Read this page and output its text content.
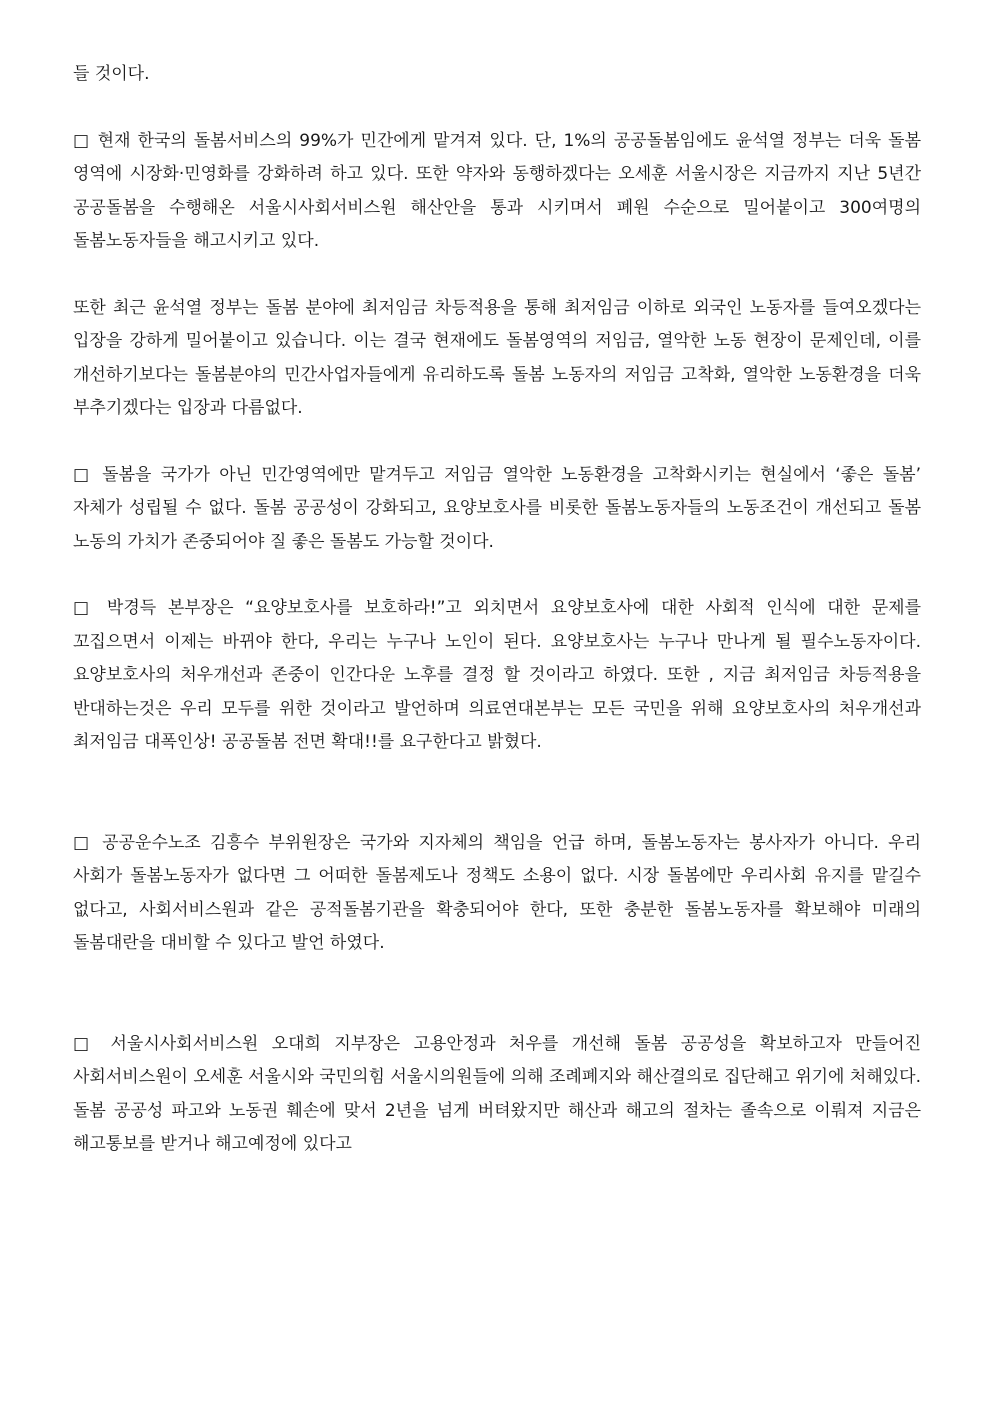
들 것이다.

□ 현재 한국의 돌봄서비스의 99%가 민간에게 맡겨져 있다. 단, 1%의 공공돌봄임에도 윤석열 정부는 더욱 돌봄 영역에 시장화·민영화를 강화하려 하고 있다. 또한 약자와 동행하겠다는 오세훈 서울시장은 지금까지 지난 5년간 공공돌봄을 수행해온 서울시사회서비스원 해산안을 통과 시키며서 폐원 수순으로 밀어붙이고 300여명의 돌봄노동자들을 해고시키고 있다.

또한 최근 윤석열 정부는 돌봄 분야에 최저임금 차등적용을 통해 최저임금 이하로 외국인 노동자를 들여오겠다는 입장을 강하게 밀어붙이고 있습니다. 이는 결국 현재에도 돌봄영역의 저임금, 열악한 노동 현장이 문제인데, 이를 개선하기보다는 돌봄분야의 민간사업자들에게 유리하도록 돌봄 노동자의 저임금 고착화, 열악한 노동환경을 더욱 부추기겠다는 입장과 다름없다.

□ 돌봄을 국가가 아닌 민간영역에만 맡겨두고 저임금 열악한 노동환경을 고착화시키는 현실에서 ‘좋은 돌봄’ 자체가 성립될 수 없다. 돌봄 공공성이 강화되고, 요양보호사를 비롯한 돌봄노동자들의 노동조건이 개선되고 돌봄 노동의 가치가 존중되어야 질 좋은 돌봄도 가능할 것이다.

□ 박경득 본부장은 “요양보호사를 보호하라!”고 외치면서 요양보호사에 대한 사회적 인식에 대한 문제를 꼬집으면서 이제는 바뀌야 한다, 우리는 누구나 노인이 된다. 요양보호사는 누구나 만나게 될 필수노동자이다. 요양보호사의 처우개선과 존중이 인간다운 노후를 결정 할 것이라고 하였다. 또한 , 지금 최저임금 차등적용을 반대하는것은 우리 모두를 위한 것이라고 발언하며 의료연대본부는 모든 국민을 위해 요양보호사의 처우개선과 최저임금 대폭인상! 공공돌봄 전면 확대!!를 요구한다고 밝혔다.

□ 공공운수노조 김흥수 부위원장은 국가와 지자체의 책임을 언급 하며, 돌봄노동자는 봉사자가 아니다. 우리 사회가 돌봄노동자가 없다면 그 어떠한 돌봄제도나 정책도 소용이 없다. 시장 돌봄에만 우리사회 유지를 맡길수 없다고, 사회서비스원과 같은 공적돌봄기관을 확충되어야 한다, 또한 충분한 돌봄노동자를 확보해야 미래의 돌봄대란을 대비할 수 있다고 발언 하였다.

□ 서울시사회서비스원 오대희 지부장은 고용안정과 처우를 개선해 돌봄 공공성을 확보하고자 만들어진 사회서비스원이 오세훈 서울시와 국민의힘 서울시의원들에 의해 조례폐지와 해산결의로 집단해고 위기에 처해있다. 돌봄 공공성 파고와 노동권 훼손에 맞서 2년을 넘게 버텨왔지만 해산과 해고의 절차는 졸속으로 이뤄져 지금은 해고통보를 받거나 해고예정에 있다고
